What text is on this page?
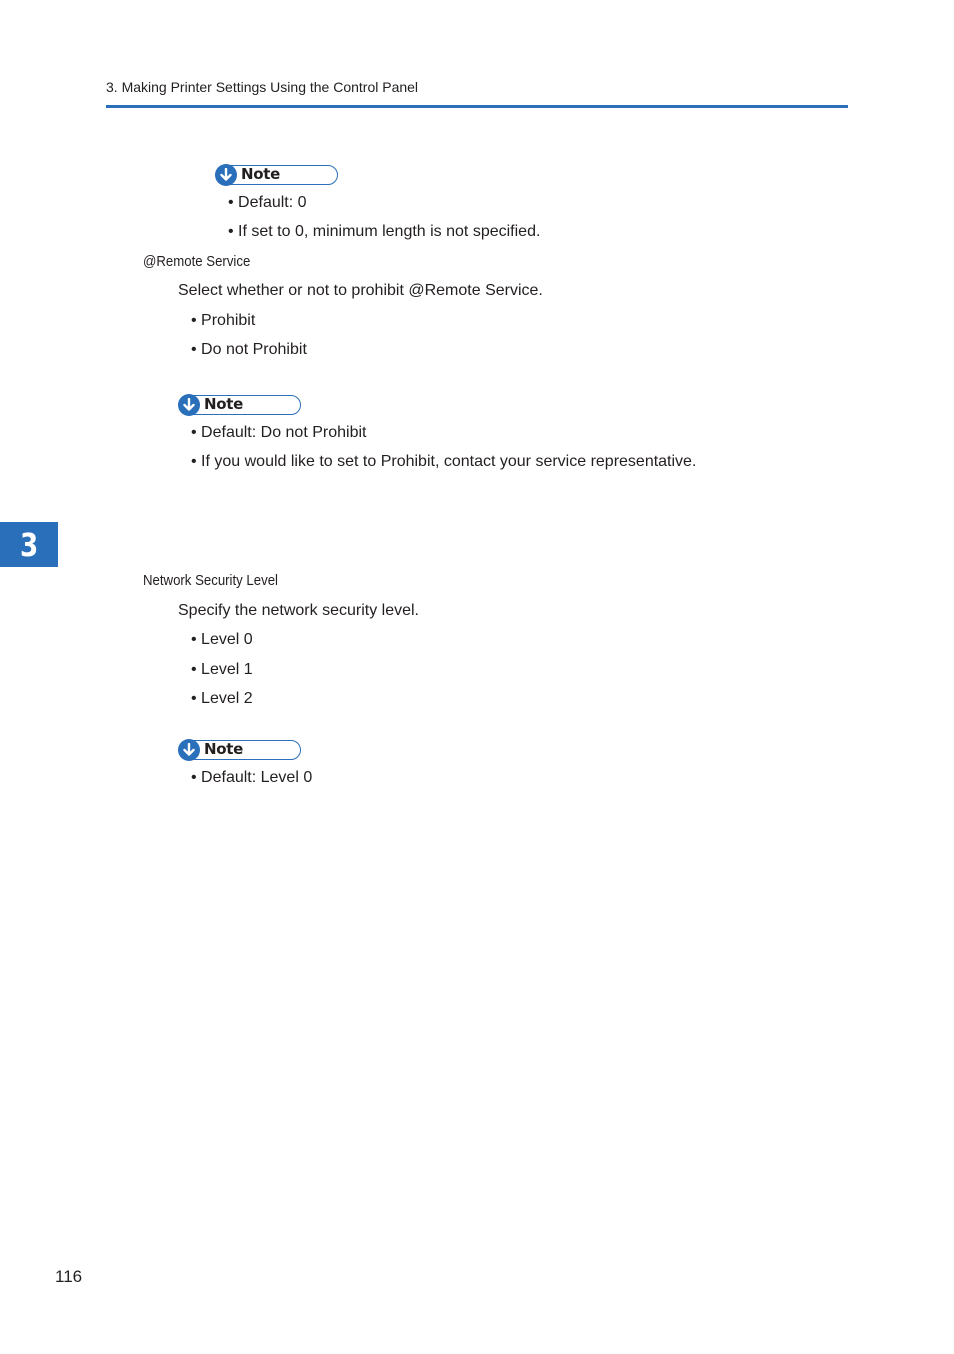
3. Making Printer Settings Using the Control Panel
3
Note
• Default: 0
• If set to 0, minimum length is not specified.
@Remote Service
Select whether or not to prohibit @Remote Service.
• Prohibit
• Do not Prohibit
Note
• Default: Do not Prohibit
• If you would like to set to Prohibit, contact your service representative.
Network Security Level
Specify the network security level.
• Level 0
• Level 1
• Level 2
Note
• Default: Level 0
116
